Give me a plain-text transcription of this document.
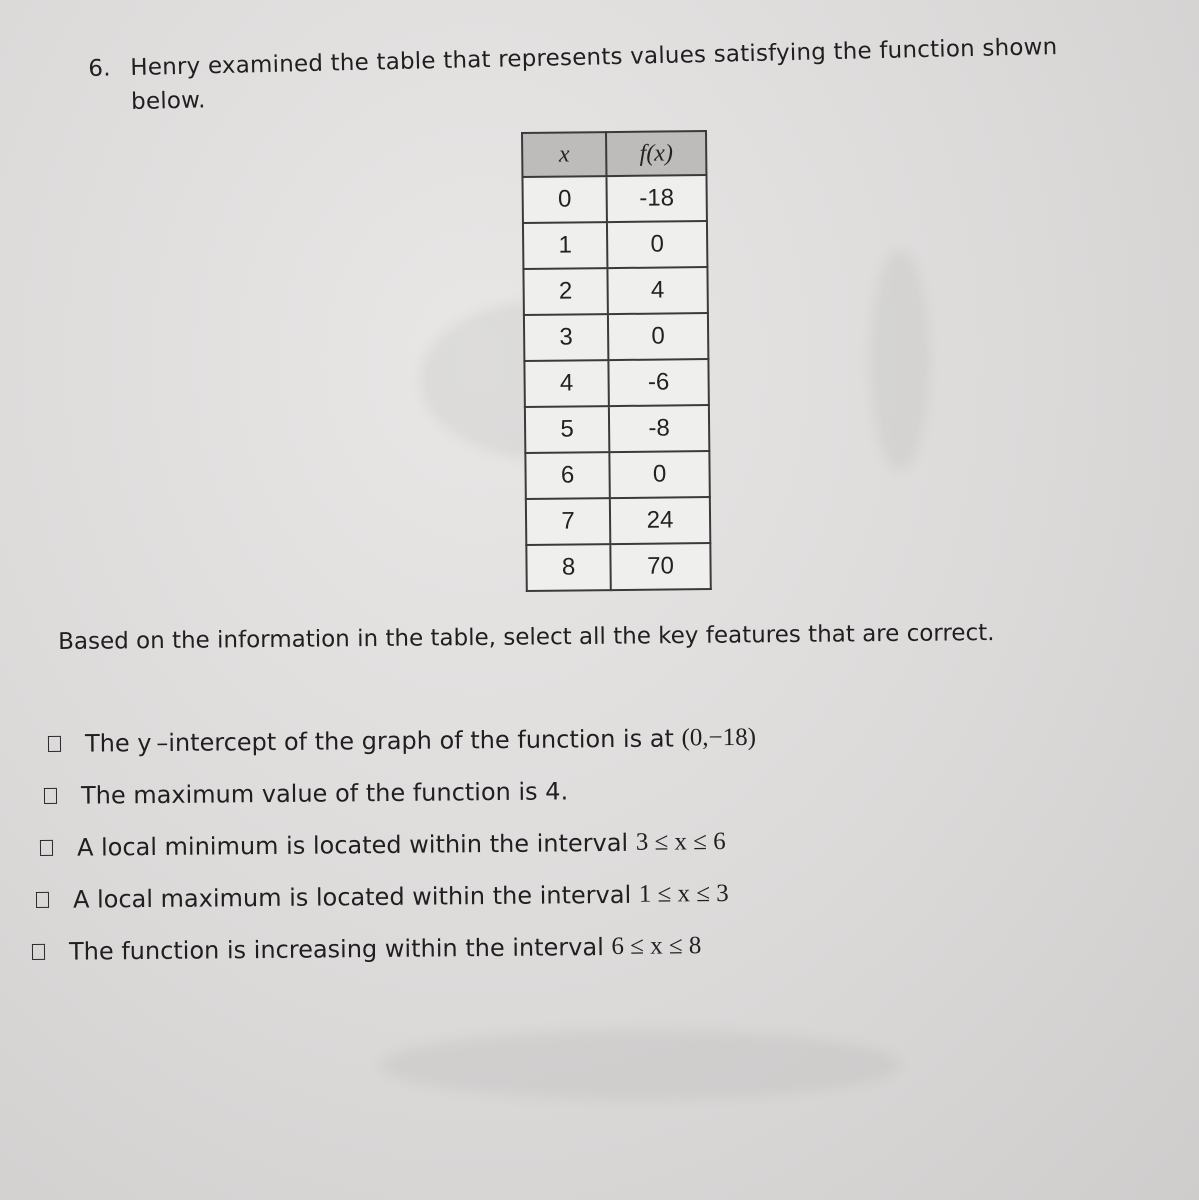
6. Henry examined the table that represents values satisfying the function shown
below.
x	f(x)
0	-18
1	0
2	4
3	0
4	-6
5	-8
6	0
7	24
8	70
Based on the information in the table, select all the key features that are correct.
The y –intercept of the graph of the function is at
(0,−18)
The maximum value of the function is 4.
A local minimum is located within the interval
3 ≤ x ≤ 6
A local maximum is located within the interval
1 ≤ x ≤ 3
The function is increasing within the interval
6 ≤ x ≤ 8
